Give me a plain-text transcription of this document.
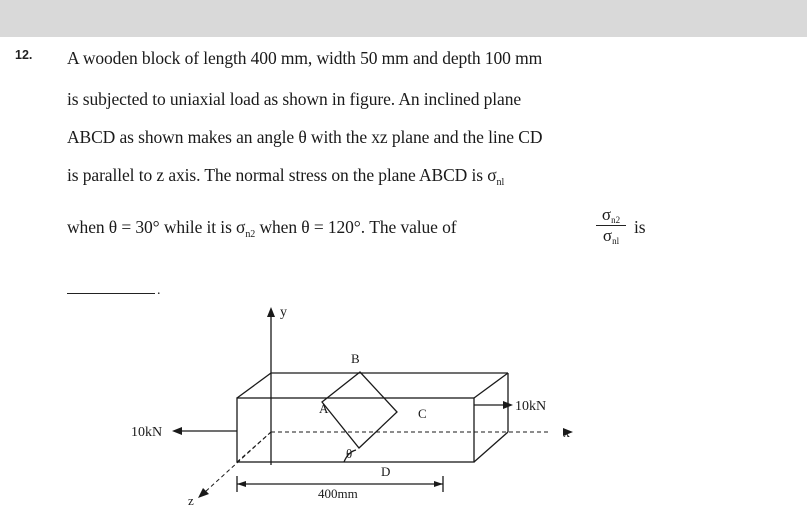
12. A wooden block of length 400 mm, width 50 mm and depth 100 mm
is subjected to uniaxial load as shown in figure. An inclined plane
ABCD as shown makes an angle θ with the xz plane and the line CD
is parallel to z axis. The normal stress on the plane ABCD is $\sigma_{nl}$
when θ = 30° while it is $\sigma_{n2}$ when θ = 120°. The value of	is
σn2
σnl
.
y
x
z
B
A	C
D
θ
10kN
10kN
400mm
